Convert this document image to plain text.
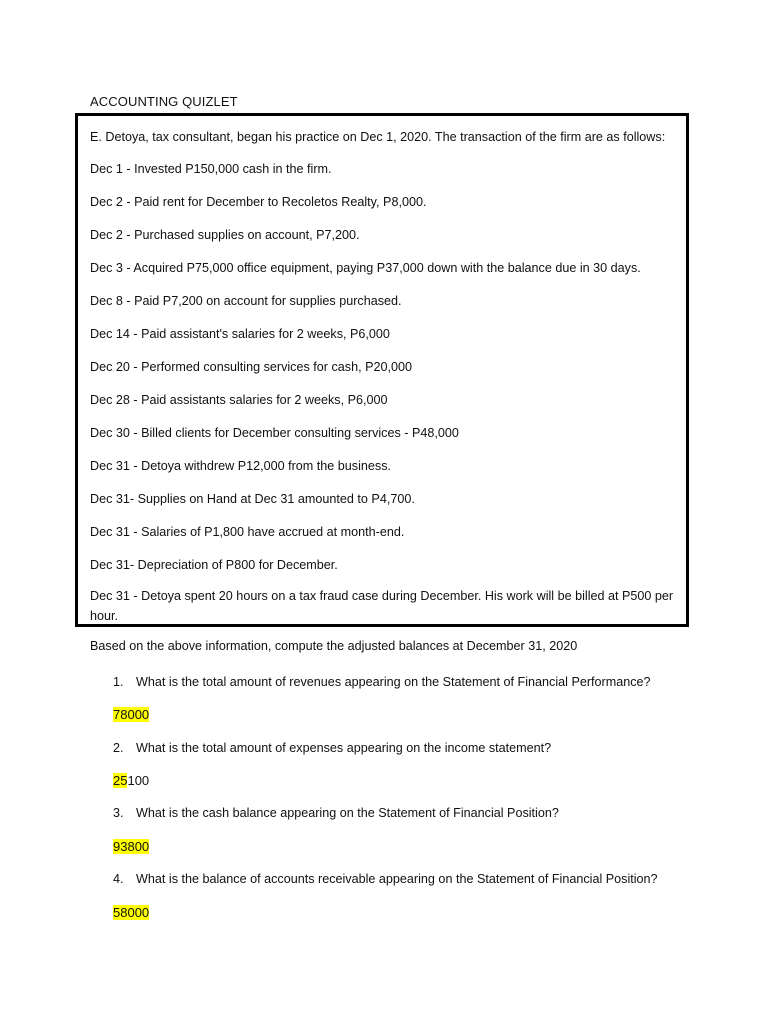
ACCOUNTING QUIZLET
E. Detoya, tax consultant, began his practice on Dec 1, 2020. The transaction of the firm are as follows:
Dec 1 - Invested P150,000 cash in the firm.
Dec 2 - Paid rent for December to Recoletos Realty, P8,000.
Dec 2 - Purchased supplies on account, P7,200.
Dec 3 - Acquired P75,000 office equipment, paying P37,000 down with the balance due in 30 days.
Dec 8 - Paid P7,200 on account for supplies purchased.
Dec 14 - Paid assistant's salaries for 2 weeks, P6,000
Dec 20 - Performed consulting services for cash, P20,000
Dec 28 - Paid assistants salaries for 2 weeks, P6,000
Dec 30 - Billed clients for December consulting services - P48,000
Dec 31 - Detoya withdrew P12,000 from the business.
Dec 31- Supplies on Hand at Dec 31 amounted to P4,700.
Dec 31 - Salaries of P1,800 have accrued at month-end.
Dec 31- Depreciation of P800 for December.
Dec 31 - Detoya spent 20 hours on a tax fraud case during December. His work will be billed at P500 per hour.
Based on the above information, compute the adjusted balances at December 31, 2020
1. What is the total amount of revenues appearing on the Statement of Financial Performance?
78000
2. What is the total amount of expenses appearing on the income statement?
25100
3. What is the cash balance appearing on the Statement of Financial Position?
93800
4. What is the balance of accounts receivable appearing on the Statement of Financial Position?
58000
